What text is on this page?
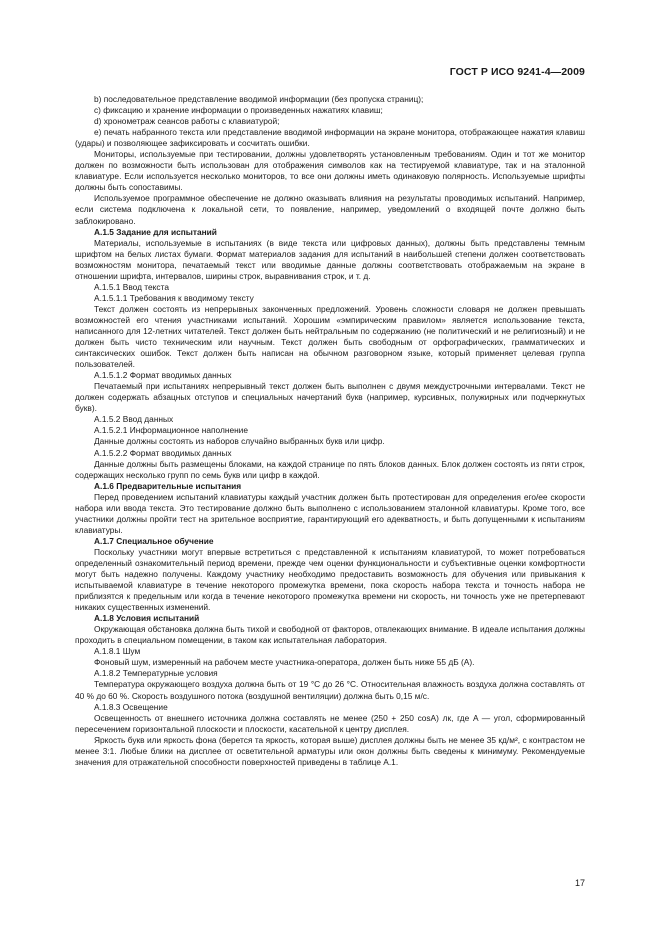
ГОСТ Р ИСО 9241-4—2009

b) последовательное представление вводимой информации (без пропуска страниц);

c) фиксацию и хранение информации о произведенных нажатиях клавиш;

d) хронометраж сеансов работы с клавиатурой;

e) печать набранного текста или представление вводимой информации на экране монитора, отображающее нажатия клавиш (удары) и позволяющее зафиксировать и сосчитать ошибки.

Мониторы, используемые при тестировании, должны удовлетворять установленным требованиям. Один и тот же монитор должен по возможности быть использован для отображения символов как на тестируемой клавиатуре, так и на эталонной клавиатуре. Если используется несколько мониторов, то все они должны иметь одинаковую полярность. Используемые шрифты должны быть сопоставимы.

Используемое программное обеспечение не должно оказывать влияния на результаты проводимых испытаний. Например, если система подключена к локальной сети, то появление, например, уведомлений о входящей почте должно быть заблокировано.

А.1.5 Задание для испытаний

Материалы, используемые в испытаниях (в виде текста или цифровых данных), должны быть представлены темным шрифтом на белых листах бумаги. Формат материалов задания для испытаний в наибольшей степени должен соответствовать возможностям монитора, печатаемый текст или вводимые данные должны соответствовать отображаемым на экране в отношении шрифта, интервалов, ширины строк, выравнивания строк, и т. д.

А.1.5.1 Ввод текста

А.1.5.1.1 Требования к вводимому тексту

Текст должен состоять из непрерывных законченных предложений. Уровень сложности словаря не должен превышать возможностей его чтения участниками испытаний. Хорошим «эмпирическим правилом» является использование текста, написанного для 12-летних читателей. Текст должен быть нейтральным по содержанию (не политический и не религиозный) и не должен быть чисто техническим или научным. Текст должен быть свободным от орфографических, грамматических и синтаксических ошибок. Текст должен быть написан на обычном разговорном языке, который применяет целевая группа пользователей.

А.1.5.1.2 Формат вводимых данных

Печатаемый при испытаниях непрерывный текст должен быть выполнен с двумя междустрочными интервалами. Текст не должен содержать абзацных отступов и специальных начертаний букв (например, курсивных, полужирных или подчеркнутых букв).

А.1.5.2 Ввод данных

А.1.5.2.1 Информационное наполнение

Данные должны состоять из наборов случайно выбранных букв или цифр.

А.1.5.2.2 Формат вводимых данных

Данные должны быть размещены блоками, на каждой странице по пять блоков данных. Блок должен состоять из пяти строк, содержащих несколько групп по семь букв или цифр в каждой.

А.1.6 Предварительные испытания

Перед проведением испытаний клавиатуры каждый участник должен быть протестирован для определения его/ее скорости набора или ввода текста. Это тестирование должно быть выполнено с использованием эталонной клавиатуры. Кроме того, все участники должны пройти тест на зрительное восприятие, гарантирующий его адекватность, и быть допущенными к испытаниям клавиатуры.

А.1.7 Специальное обучение

Поскольку участники могут впервые встретиться с представленной к испытаниям клавиатурой, то может потребоваться определенный ознакомительный период времени, прежде чем оценки функциональности и субъективные оценки комфортности могут быть надежно получены. Каждому участнику необходимо предоставить возможность для обучения или привыкания к испытываемой клавиатуре в течение некоторого промежутка времени, пока скорость набора текста и точность набора не приблизятся к предельным или когда в течение некоторого промежутка времени ни скорость, ни точность уже не претерпевают никаких существенных изменений.

А.1.8 Условия испытаний

Окружающая обстановка должна быть тихой и свободной от факторов, отвлекающих внимание. В идеале испытания должны проходить в специальном помещении, в таком как испытательная лаборатория.

А.1.8.1 Шум

Фоновый шум, измеренный на рабочем месте участника-оператора, должен быть ниже 55 дБ (А).

А.1.8.2 Температурные условия

Температура окружающего воздуха должна быть от 19 °С до 26 °С. Относительная влажность воздуха должна составлять от 40 % до 60 %. Скорость воздушного потока (воздушной вентиляции) должна быть 0,15 м/с.

А.1.8.3 Освещение

Освещенность от внешнего источника должна составлять не менее (250 + 250 cosA) лк, где A — угол, сформированный пересечением горизонтальной плоскости и плоскости, касательной к центру дисплея.

Яркость букв или яркость фона (берется та яркость, которая выше) дисплея должны быть не менее 35 кд/м², с контрастом не менее 3:1. Любые блики на дисплее от осветительной арматуры или окон должны быть сведены к минимуму. Рекомендуемые значения для отражательной способности поверхностей приведены в таблице А.1.

17
